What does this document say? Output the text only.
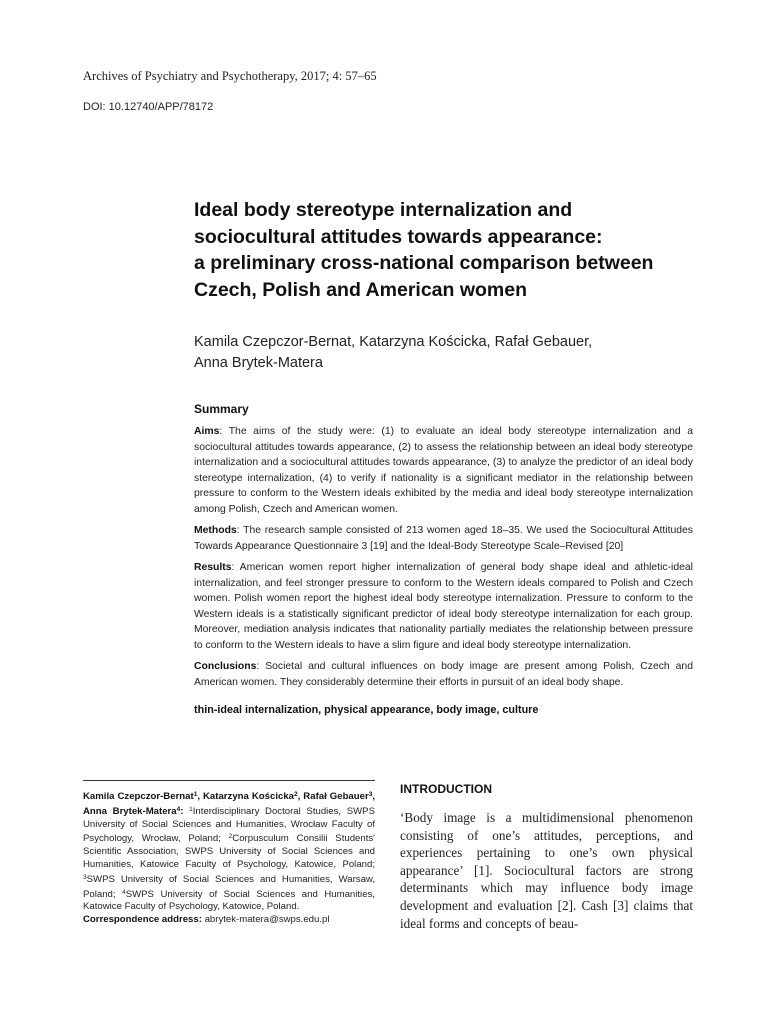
Archives of Psychiatry and Psychotherapy, 2017; 4: 57–65
DOI: 10.12740/APP/78172
Ideal body stereotype internalization and
sociocultural attitudes towards appearance:
a preliminary cross-national comparison between
Czech, Polish and American women
Kamila Czepczor-Bernat, Katarzyna Kościcka, Rafał Gebauer,
Anna Brytek-Matera
Summary

Aims: The aims of the study were: (1) to evaluate an ideal body stereotype internalization and a sociocultural attitudes towards appearance, (2) to assess the relationship between an ideal body stereotype internalization and a sociocultural attitudes towards appearance, (3) to analyze the predictor of an ideal body stereotype internalization, (4) to verify if nationality is a significant mediator in the relationship between pressure to conform to the Western ideals exhibited by the media and ideal body stereotype internalization among Polish, Czech and American women.

Methods: The research sample consisted of 213 women aged 18–35. We used the Sociocultural Attitudes Towards Appearance Questionnaire 3 [19] and the Ideal-Body Stereotype Scale–Revised [20]

Results: American women report higher internalization of general body shape ideal and athletic-ideal internalization, and feel stronger pressure to conform to the Western ideals compared to Polish and Czech women. Polish women report the highest ideal body stereotype internalization. Pressure to conform to the Western ideals is a statistically significant predictor of ideal body stereotype internalization for each group. Moreover, mediation analysis indicates that nationality partially mediates the relationship between pressure to conform to the Western ideals to have a slim figure and ideal body stereotype internalization.

Conclusions: Societal and cultural influences on body image are present among Polish, Czech and American women. They considerably determine their efforts in pursuit of an ideal body shape.

thin-ideal internalization, physical appearance, body image, culture
Kamila Czepczor-Bernat$^1$, Katarzyna Kościcka$^2$, Rafał Gebauer$^3$, Anna Brytek-Matera$^4$: $^1$Interdisciplinary Doctoral Studies, SWPS University of Social Sciences and Humanities, Wrocław Faculty of Psychology, Wrocław, Poland; $^2$Corpusculum Consilii Students' Scientific Association, SWPS University of Social Sciences and Humanities, Katowice Faculty of Psychology, Katowice, Poland; $^3$SWPS University of Social Sciences and Humanities, Warsaw, Poland; $^4$SWPS University of Social Sciences and Humanities, Katowice Faculty of Psychology, Katowice, Poland.
Correspondence address: abrytek-matera@swps.edu.pl
INTRODUCTION

‘Body image is a multidimensional phenomenon consisting of one’s attitudes, perceptions, and experiences pertaining to one’s own physical appearance’ [1]. Sociocultural factors are strong determinants which may influence body image development and evaluation [2]. Cash [3] claims that ideal forms and concepts of beau-
